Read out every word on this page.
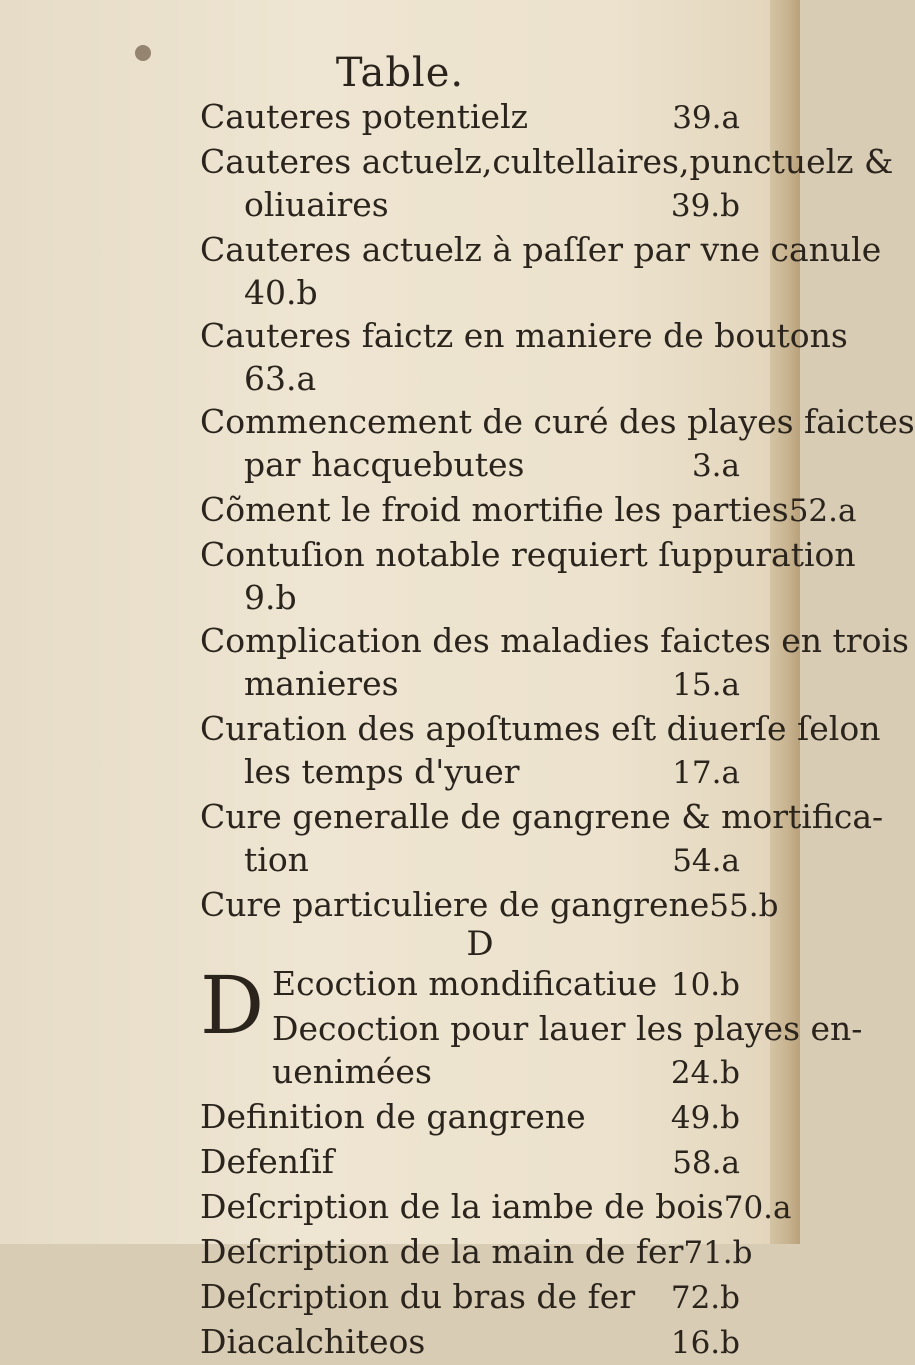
Table.
Cauteres potentielz	39.a
Cauteres actuelz,cultellaires,punctuelz &
oliuaires	39.b
Cauteres actuelz à paſſer par vne canule
40.b
Cauteres faictz en maniere de boutons
63.a
Commencement de curé des playes faictes
par hacquebutes	3.a
Cõment le froid mortifie les parties 52.a
Contuſion notable requiert ſuppuration
9.b
Complication des maladies faictes en trois
manieres	15.a
Curation des apoſtumes eſt diuerſe ſelon
les temps d'yuer	17.a
Cure generalle de gangrene & mortifica-
tion	54.a
Cure particuliere de gangrene 55.b
D
D Ecoction mondificatiue 10.b
Decoction pour lauer les playes en-
uenimées	24.b
Definition de gangrene	49.b
Defenſif	58.a
Deſcription de la iambe de bois 70.a
Deſcription de la main de fer 71.b
Deſcription du bras de fer 72.b
Diacalchiteos	16.b
